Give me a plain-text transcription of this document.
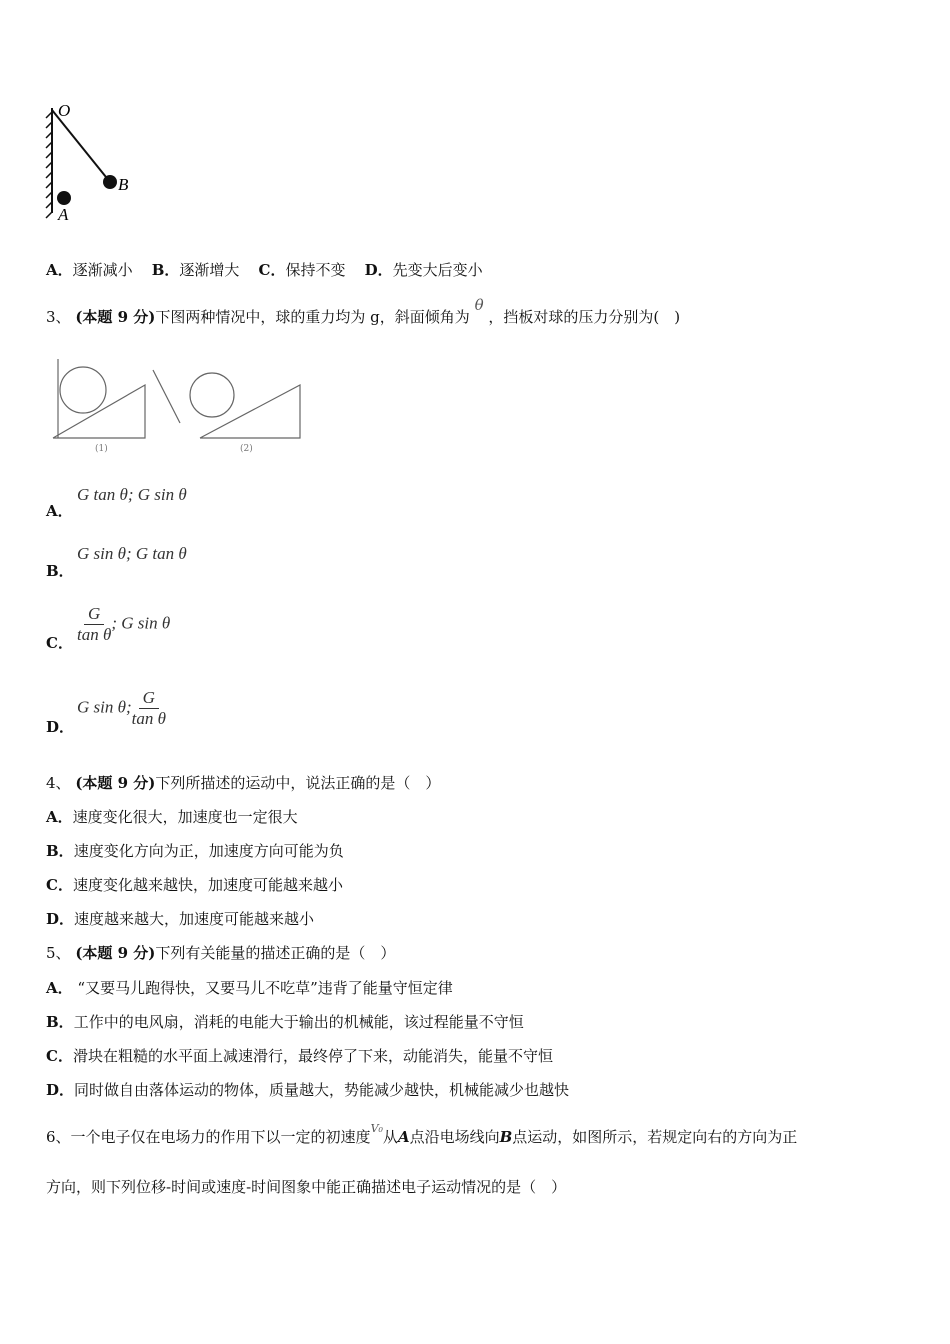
O
B
A
A．逐渐减小 B．逐渐增大 C．保持不变 D．先变大后变小
3、 (本题 9 分)下图两种情况中，球的重力均为 g，斜面倾角为 θ ，挡板对球的压力分别为(　)
(1)	(2)
A．
G tan θ; G sin θ
B．
G sin θ; G tan θ
C． $\frac{G}{\text{tan θ}}$ ; G sin θ
D．
G sin θ; $\frac{G}{\text{tan θ}}$
4、 (本题 9 分)下列所描述的运动中，说法正确的是（　）
A．速度变化很大，加速度也一定很大
B．速度变化方向为正，加速度方向可能为负
C．速度变化越来越快，加速度可能越来越小
D．速度越来越大，加速度可能越来越小
5、 (本题 9 分)下列有关能量的描述正确的是（　）
A． “又要马儿跑得快，又要马儿不吃草”违背了能量守恒定律
B．工作中的电风扇，消耗的电能大于输出的机械能，该过程能量不守恒
C．滑块在粗糙的水平面上减速滑行，最终停了下来，动能消失，能量不守恒
D．同时做自由落体运动的物体，质量越大，势能减少越快，机械能减少也越快
6、一个电子仅在电场力的作用下以一定的初速度$^{V_0}$从A点沿电场线向B点运动，如图所示，若规定向右的方向为正
方向，则下列位移-时间或速度-时间图象中能正确描述电子运动情况的是（　）
